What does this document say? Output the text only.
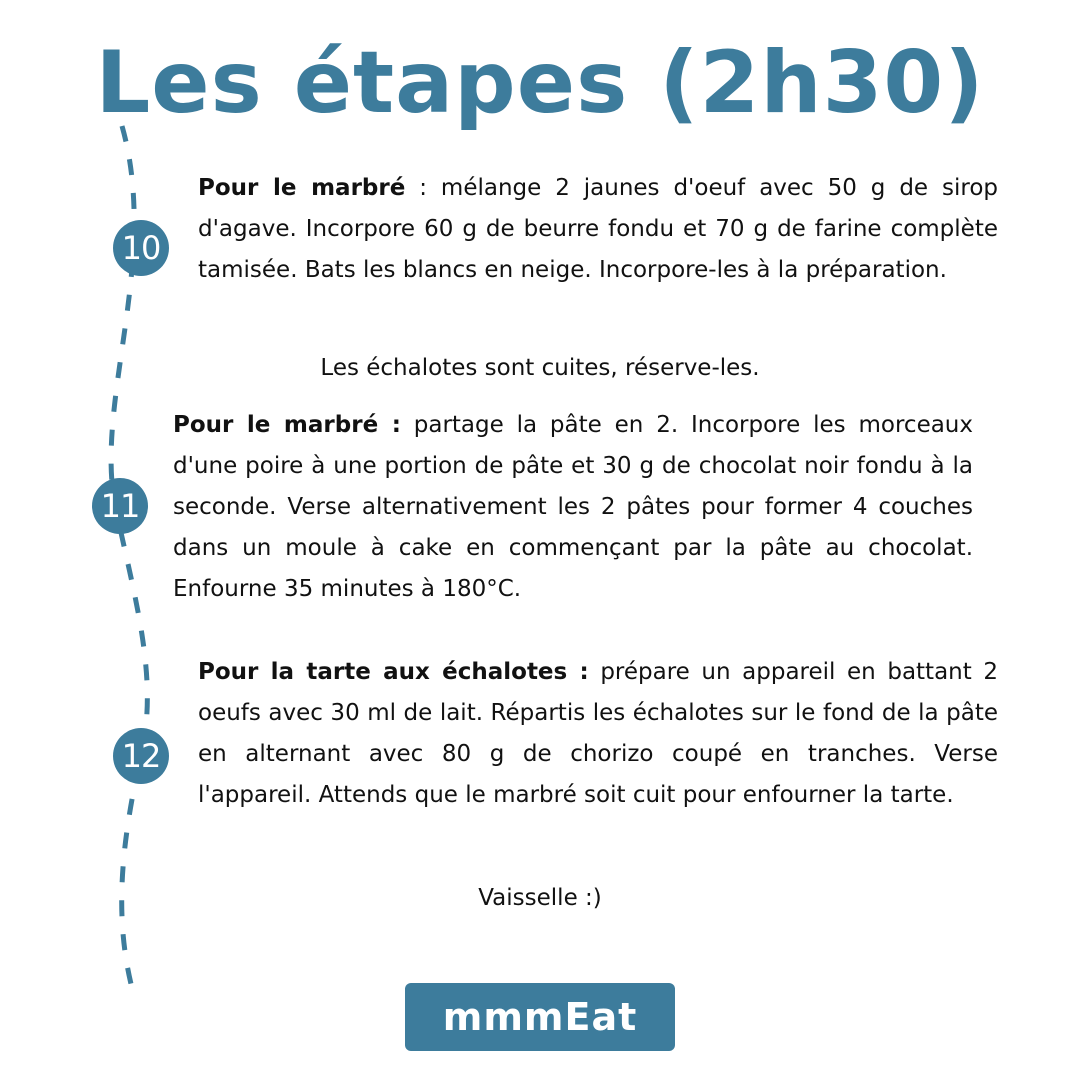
Les étapes (2h30)
10
11
12

Pour le marbré : mélange 2 jaunes d'oeuf avec 50 g de sirop d'agave. Incorpore 60 g de beurre fondu et 70 g de farine complète tamisée. Bats les blancs en neige. Incorpore-les à la préparation.

Les échalotes sont cuites, réserve-les.

Pour le marbré : partage la pâte en 2. Incorpore les morceaux d'une poire à une portion de pâte et 30 g de chocolat noir fondu à la seconde. Verse alternativement les 2 pâtes pour former 4 couches dans un moule à cake en commençant par la pâte au chocolat. Enfourne 35 minutes à 180°C.

Pour la tarte aux échalotes : prépare un appareil en battant 2 oeufs avec 30 ml de lait. Répartis les échalotes sur le fond de la pâte en alternant avec 80 g de chorizo coupé en tranches. Verse l'appareil. Attends que le marbré soit cuit pour enfourner la tarte.

Vaisselle :)

mmmEat
